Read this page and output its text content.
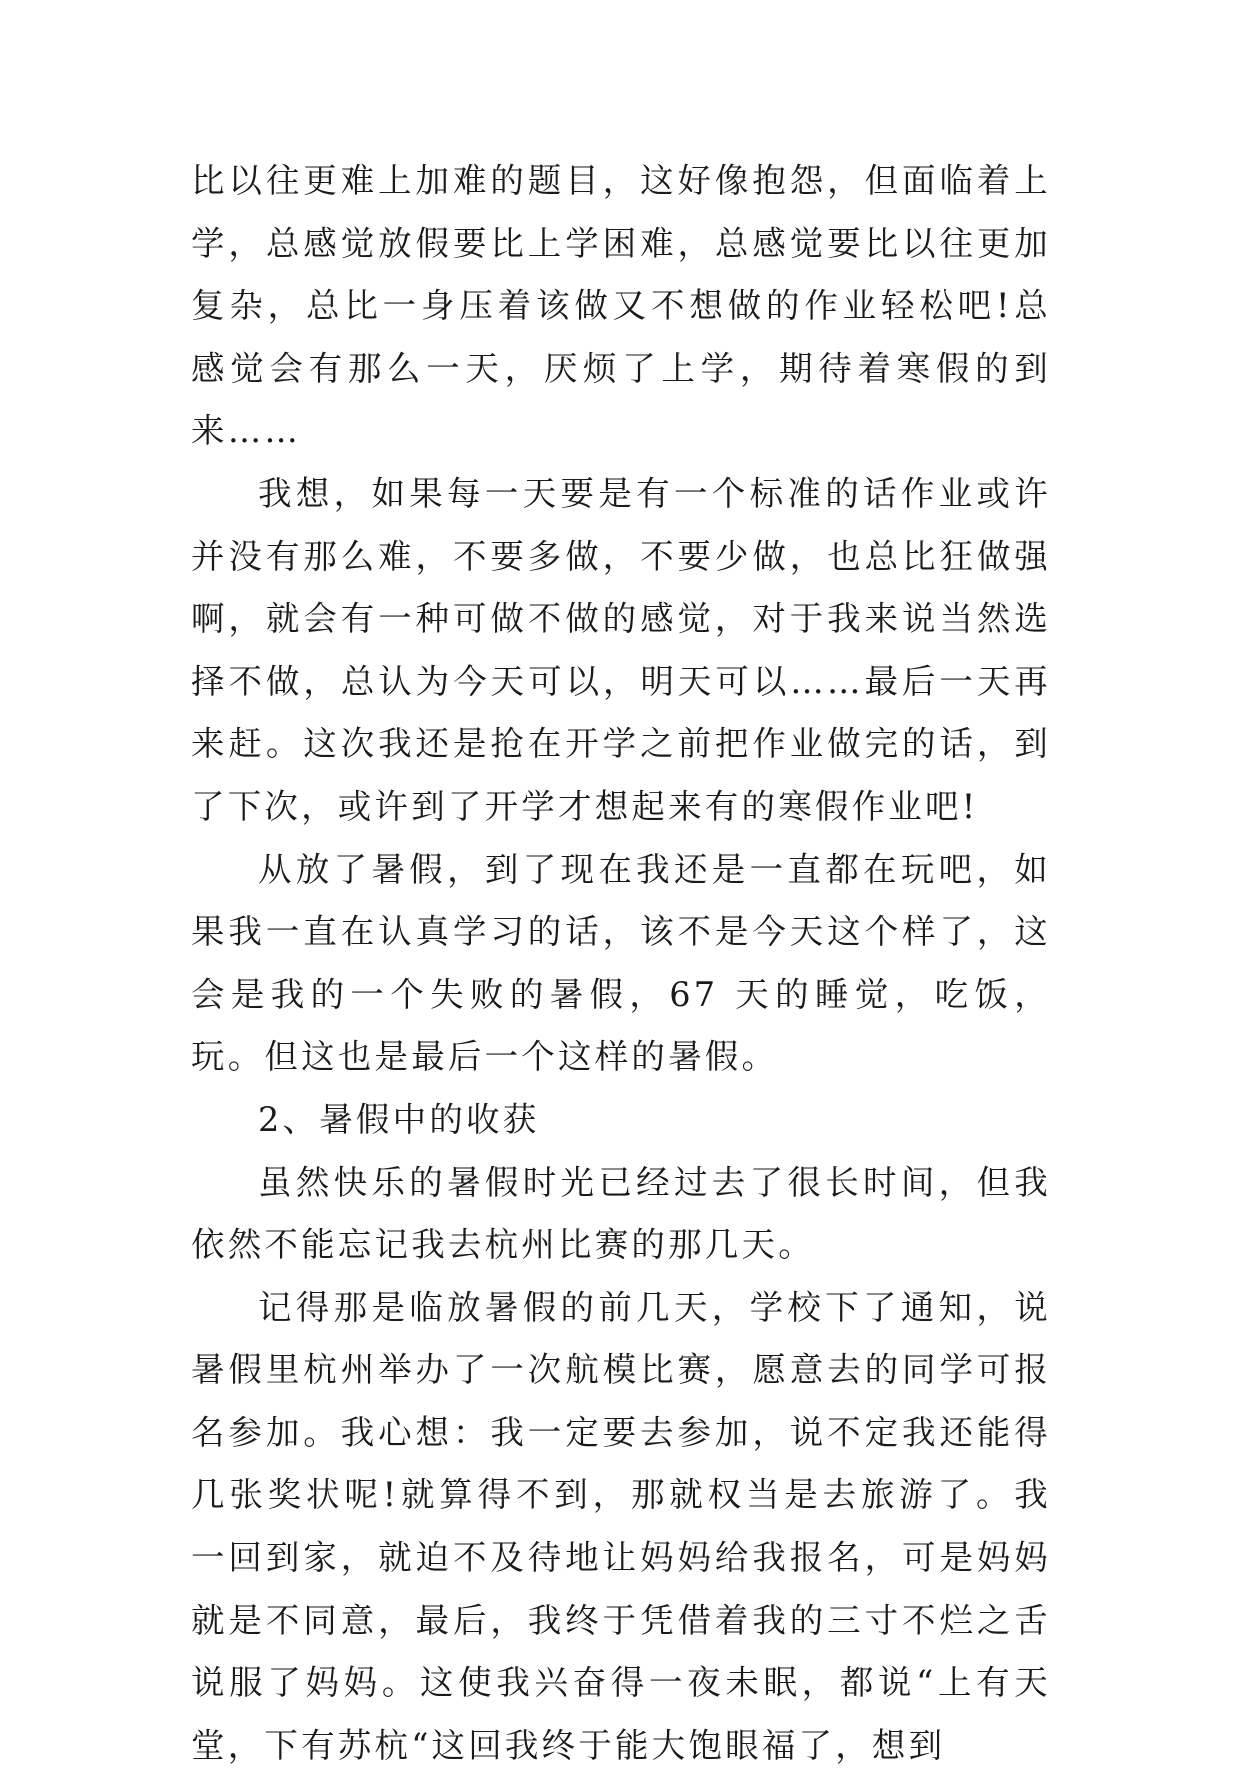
比以往更难上加难的题目，这好像抱怨，但面临着上学，总感觉放假要比上学困难，总感觉要比以往更加复杂，总比一身压着该做又不想做的作业轻松吧!总感觉会有那么一天，厌烦了上学，期待着寒假的到来……

我想，如果每一天要是有一个标准的话作业或许并没有那么难，不要多做，不要少做，也总比狂做强啊，就会有一种可做不做的感觉，对于我来说当然选择不做，总认为今天可以，明天可以……最后一天再来赶。这次我还是抢在开学之前把作业做完的话，到了下次，或许到了开学才想起来有的寒假作业吧!

从放了暑假，到了现在我还是一直都在玩吧，如果我一直在认真学习的话，该不是今天这个样了，这会是我的一个失败的暑假，67 天的睡觉，吃饭，玩。但这也是最后一个这样的暑假。

2、暑假中的收获

虽然快乐的暑假时光已经过去了很长时间，但我依然不能忘记我去杭州比赛的那几天。

记得那是临放暑假的前几天，学校下了通知，说暑假里杭州举办了一次航模比赛，愿意去的同学可报名参加。我心想：我一定要去参加，说不定我还能得几张奖状呢!就算得不到，那就权当是去旅游了。我一回到家，就迫不及待地让妈妈给我报名，可是妈妈就是不同意，最后，我终于凭借着我的三寸不烂之舌说服了妈妈。这使我兴奋得一夜未眠，都说“上有天堂，下有苏杭“这回我终于能大饱眼福了，想到
